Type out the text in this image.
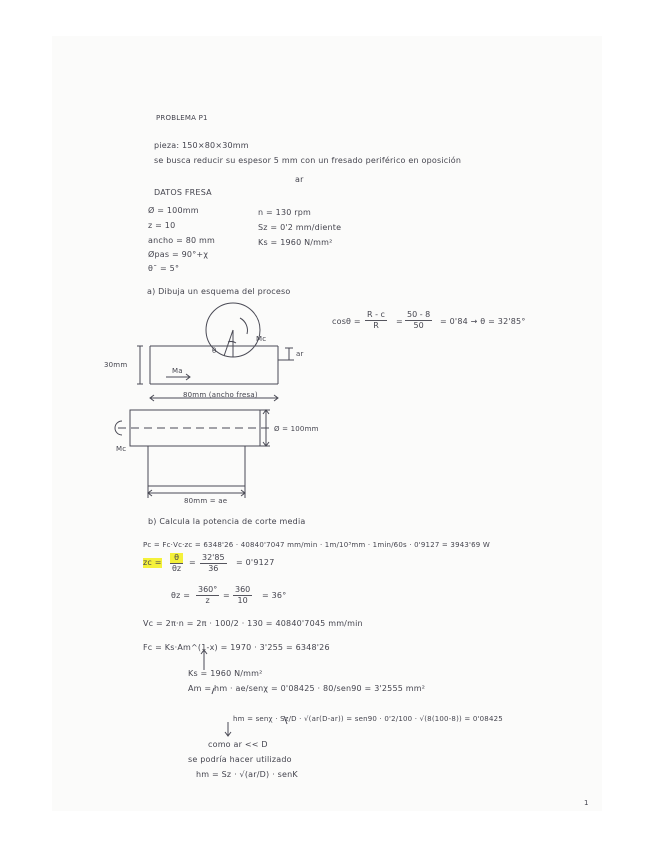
PROBLEMA P1
pieza: 150×80×30mm
se busca reducir su espesor 5 mm con un fresado periférico en oposición
ar
DATOS FRESA
Ø = 100mm
z = 10
ancho = 80 mm
Øpas = 90°+χ
θ¯ = 5°
n = 130 rpm
Sz = 0'2 mm/diente
Ks = 1960 N/mm²
a) Dibuja un esquema del proceso
$\cos\theta = \frac{R - c}{R} = \frac{50 - 8}{50} = 0'84 \to \theta = 32'85^\circ$
30mm
Mc
Ma
θ	ar
80mm (ancho fresa)
Ø = 100mm
Mc
80mm = ae
b) Calcula la potencia de corte media
Pc = Fc·Vc·zc = 6348'26 · 40840'7047 mm/min · 1m/10³mm · 1min/60s · 0'9127 = 3943'69 W
zc = $\frac{\theta}{\theta z} = \frac{32'85}{36} = 0'9127$
$\theta z = \frac{360^\circ}{z} = \frac{360}{10} = 36^\circ$
Vc = 2π·n = 2π · 100/2 · 130 = 40840'7045 mm/min
Fc = Ks·Am^(1-x) = 1970 · 3'255 = 6348'26
Ks = 1960 N/mm²
Am = hm · ae/senχ = 0'08425 · 80/sen90 = 3'2555 mm²
hm = senχ · Sz/D · √(ar(D-ar)) = sen90 · 0'2/100 · √(8(100-8)) = 0'08425
como ar << D
se podría hacer utilizado
hm = Sz · √(ar/D) · senK
1
